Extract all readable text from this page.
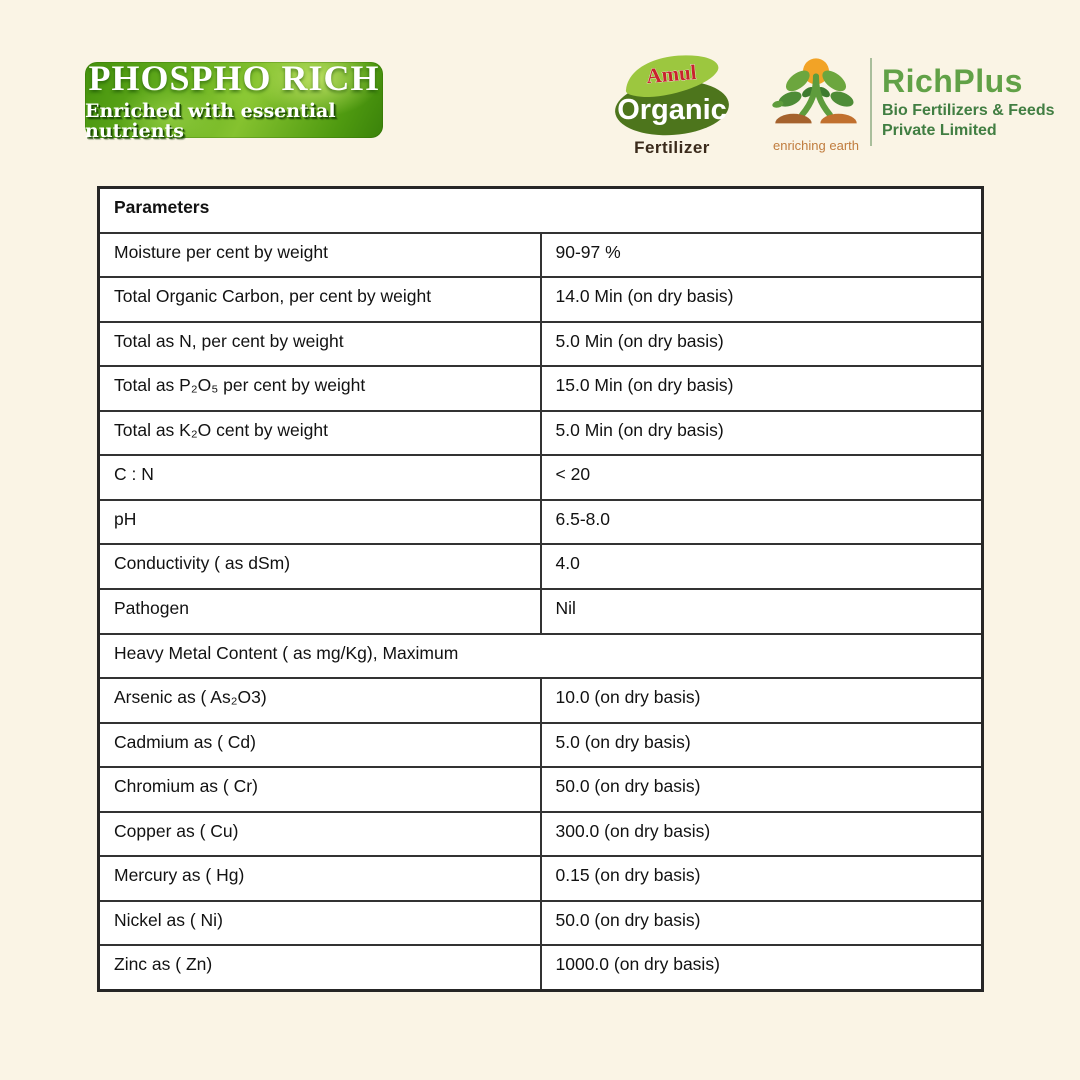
PHOSPHO RICH
Enriched with essential nutrients
Amul
Organic
Fertilizer	enriching earth
RichPlus
Bio Fertilizers & Feeds
Private Limited
Parameters	
Moisture per cent by weight	90-97 %
Total Organic Carbon, per cent by weight	14.0 Min (on dry basis)
Total as N, per cent by weight	5.0 Min (on dry basis)
Total as P₂O₅ per cent by weight	15.0 Min (on dry basis)
Total as K₂O cent by weight	5.0 Min (on dry basis)
C : N	< 20
pH	6.5-8.0
Conductivity ( as dSm)	4.0
Pathogen	Nil
Heavy Metal Content ( as mg/Kg), Maximum	
Arsenic as ( As₂O3)	10.0 (on dry basis)
Cadmium as ( Cd)	5.0 (on dry basis)
Chromium as ( Cr)	50.0 (on dry basis)
Copper as ( Cu)	300.0 (on dry basis)
Mercury as ( Hg)	0.15 (on dry basis)
Nickel as ( Ni)	50.0 (on dry basis)
Zinc as ( Zn)	1000.0 (on dry basis)
